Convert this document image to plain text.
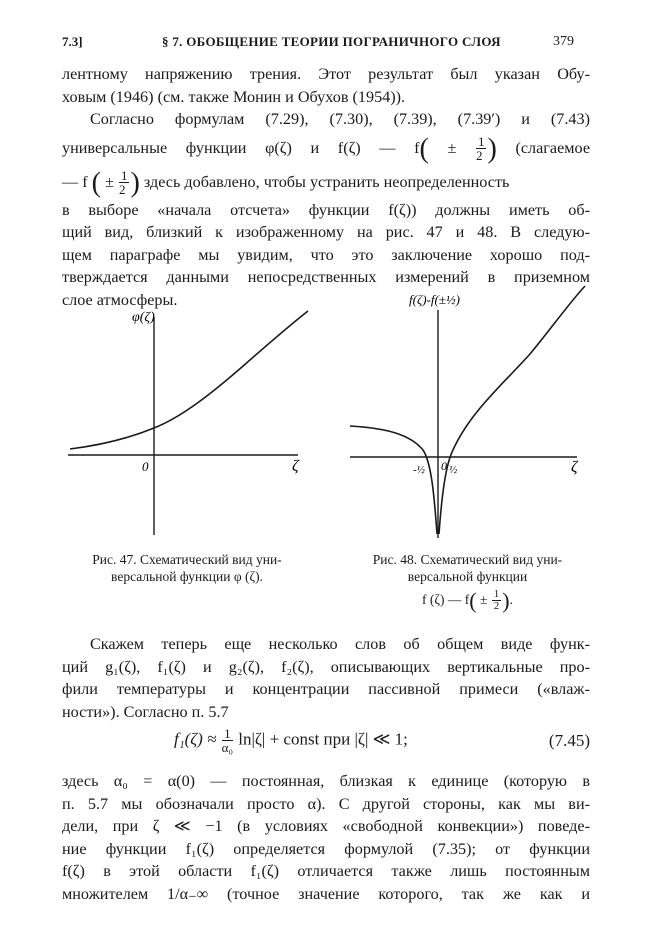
7.3]	§ 7. ОБОБЩЕНИЕ ТЕОРИИ ПОГРАНИЧНОГО СЛОЯ	379
лентному напряжению трения. Этот результат был указан Обу-
ховым (1946) (см. также Монин и Обухов (1954)).
Согласно формулам (7.29), (7.30), (7.39), (7.39′) и (7.43)
универсальные функции φ(ζ) и f(ζ) — $f( \pm \frac{1}{2}$ ) (слагаемое
— f ( ± $\frac{1}{2}$ ) здесь добавлено, чтобы устранить неопределенность
в выборе «начала отсчета» функции f(ζ)) должны иметь об-
щий вид, близкий к изображенному на рис. 47 и 48. В следую-
щем параграфе мы увидим, что это заключение хорошо под-
тверждается данными непосредственных измерений в приземном
слое атмосферы.
φ(ζ)
ζ
0
Рис. 47. Схематический вид уни-
версальной функции φ (ζ).
f(ζ)-f(±½)
ζ
0
-½ ½
Рис. 48. Схематический вид уни-
версальной функции
f (ζ) — $f( \pm \frac{1}{2}$ ).
Скажем теперь еще несколько слов об общем виде функ-
ций g₁(ζ), f₁(ζ) и g₂(ζ), f₂(ζ), описывающих вертикальные про-
фили температуры и концентрации пассивной примеси («влаж-
ности»). Согласно п. 5.7
$f_1(\zeta) \approx \frac{1}{\text{α₀}} \ln|\zeta|$ + const при |ζ| ≪ 1;	(7.45)
здесь α₀ = α(0) — постоянная, близкая к единице (которую в
п. 5.7 мы обозначали просто α). С другой стороны, как мы ви-
дели, при ζ ≪ −1 (в условиях «свободной конвекции») поведе-
ние функции f₁(ζ) определяется формулой (7.35); от функции
f(ζ) в этой области f₁(ζ) отличается также лишь постоянным
множителем 1/α₋∞ (точное значение которого, так же как и
